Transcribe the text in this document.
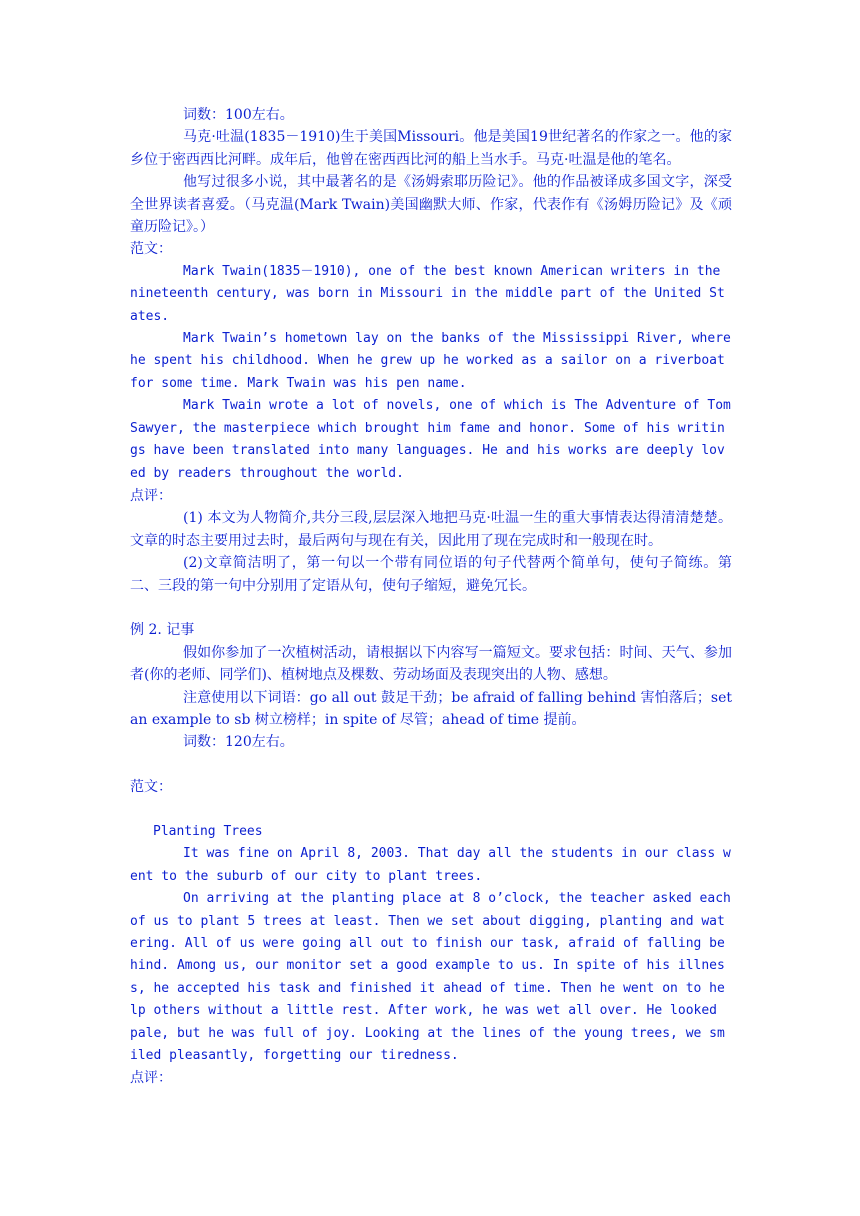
词数：100左右。

马克·吐温(1835－1910)生于美国Missouri。他是美国19世纪著名的作家之一。他的家乡位于密西西比河畔。成年后，他曾在密西西比河的船上当水手。马克·吐温是他的笔名。

他写过很多小说，其中最著名的是《汤姆索耶历险记》。他的作品被译成多国文字，深受全世界读者喜爱。（马克温(Mark Twain)美国幽默大师、作家，代表作有《汤姆历险记》及《顽童历险记》。）

范文：

Mark Twain(1835－1910), one of the best known American writers in the nineteenth century, was born in Missouri in the middle part of the United States.

Mark Twain’s hometown lay on the banks of the Mississippi River, where he spent his childhood. When he grew up he worked as a sailor on a riverboat for some time. Mark Twain was his pen name.

Mark Twain wrote a lot of novels, one of which is The Adventure of Tom Sawyer, the masterpiece which brought him fame and honor. Some of his writings have been translated into many languages. He and his works are deeply loved by readers throughout the world.

点评：

(1) 本文为人物简介,共分三段,层层深入地把马克·吐温一生的重大事情表达得清清楚楚。文章的时态主要用过去时，最后两句与现在有关，因此用了现在完成时和一般现在时。

(2)文章简洁明了，第一句以一个带有同位语的句子代替两个简单句，使句子简练。第二、三段的第一句中分别用了定语从句，使句子缩短，避免冗长。

例 2. 记事

假如你参加了一次植树活动，请根据以下内容写一篇短文。要求包括：时间、天气、参加者(你的老师、同学们)、植树地点及棵数、劳动场面及表现突出的人物、感想。

注意使用以下词语：go all out 鼓足干劲；be afraid of falling behind 害怕落后；set an example to sb 树立榜样；in spite of 尽管；ahead of time 提前。

词数：120左右。

范文：

Planting Trees

It was fine on April 8, 2003. That day all the students in our class went to the suburb of our city to plant trees.

On arriving at the planting place at 8 o’clock, the teacher asked each of us to plant 5 trees at least. Then we set about digging, planting and watering. All of us were going all out to finish our task, afraid of falling behind. Among us, our monitor set a good example to us. In spite of his illness, he accepted his task and finished it ahead of time. Then he went on to help others without a little rest. After work, he was wet all over. He looked pale, but he was full of joy. Looking at the lines of the young trees, we smiled pleasantly, forgetting our tiredness.

点评：
